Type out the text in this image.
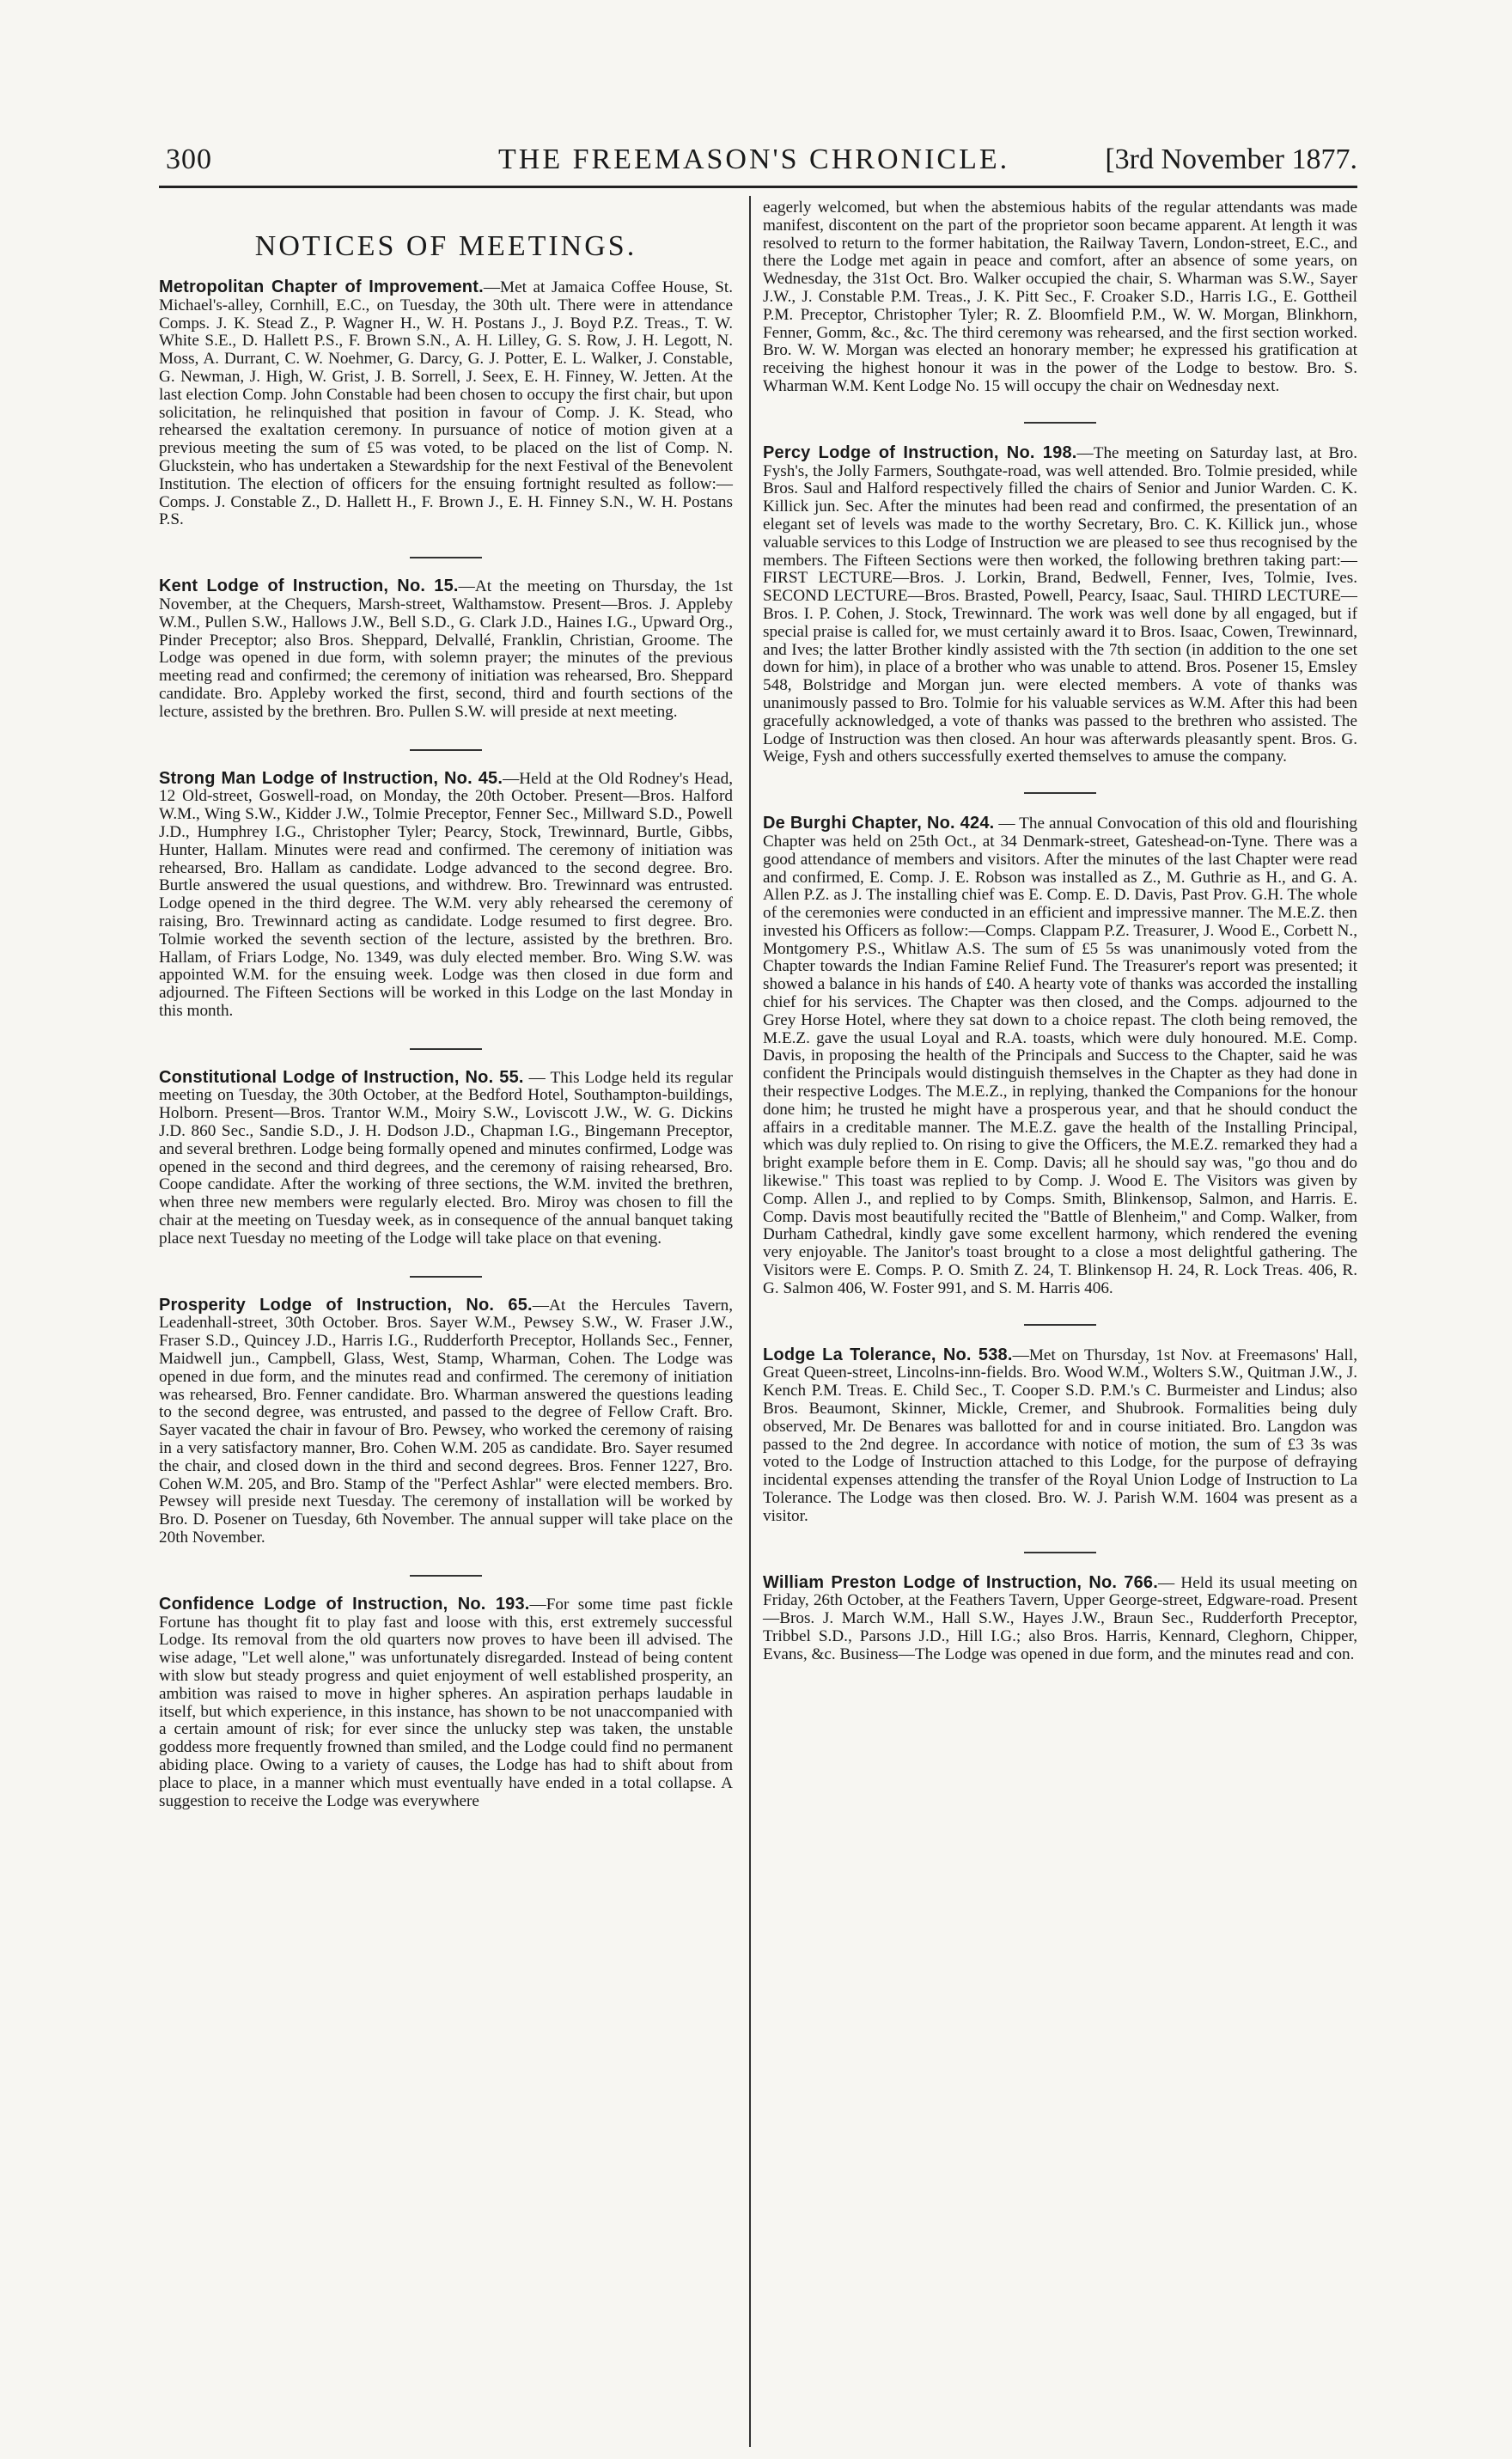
300	THE FREEMASON'S CHRONICLE.	[3rd November 1877.
NOTICES OF MEETINGS.

Metropolitan Chapter of Improvement.—Met at Jamaica Coffee House, St. Michael's-alley, Cornhill, E.C., on Tuesday, the 30th ult. There were in attendance Comps. J. K. Stead Z., P. Wagner H., W. H. Postans J., J. Boyd P.Z. Treas., T. W. White S.E., D. Hallett P.S., F. Brown S.N., A. H. Lilley, G. S. Row, J. H. Legott, N. Moss, A. Durrant, C. W. Noehmer, G. Darcy, G. J. Potter, E. L. Walker, J. Constable, G. Newman, J. High, W. Grist, J. B. Sorrell, J. Seex, E. H. Finney, W. Jetten. At the last election Comp. John Constable had been chosen to occupy the first chair, but upon solicitation, he relinquished that position in favour of Comp. J. K. Stead, who rehearsed the exaltation ceremony. In pursuance of notice of motion given at a previous meeting the sum of £5 was voted, to be placed on the list of Comp. N. Gluckstein, who has undertaken a Stewardship for the next Festival of the Benevolent Institution. The election of officers for the ensuing fortnight resulted as follow:—Comps. J. Constable Z., D. Hallett H., F. Brown J., E. H. Finney S.N., W. H. Postans P.S.

Kent Lodge of Instruction, No. 15.—At the meeting on Thursday, the 1st November, at the Chequers, Marsh-street, Walthamstow. Present—Bros. J. Appleby W.M., Pullen S.W., Hallows J.W., Bell S.D., G. Clark J.D., Haines I.G., Upward Org., Pinder Preceptor; also Bros. Sheppard, Delvallé, Franklin, Christian, Groome. The Lodge was opened in due form, with solemn prayer; the minutes of the previous meeting read and confirmed; the ceremony of initiation was rehearsed, Bro. Sheppard candidate. Bro. Appleby worked the first, second, third and fourth sections of the lecture, assisted by the brethren. Bro. Pullen S.W. will preside at next meeting.

Strong Man Lodge of Instruction, No. 45.—Held at the Old Rodney's Head, 12 Old-street, Goswell-road, on Monday, the 20th October. Present—Bros. Halford W.M., Wing S.W., Kidder J.W., Tolmie Preceptor, Fenner Sec., Millward S.D., Powell J.D., Humphrey I.G., Christopher Tyler; Pearcy, Stock, Trewinnard, Burtle, Gibbs, Hunter, Hallam. Minutes were read and confirmed. The ceremony of initiation was rehearsed, Bro. Hallam as candidate. Lodge advanced to the second degree. Bro. Burtle answered the usual questions, and withdrew. Bro. Trewinnard was entrusted. Lodge opened in the third degree. The W.M. very ably rehearsed the ceremony of raising, Bro. Trewinnard acting as candidate. Lodge resumed to first degree. Bro. Tolmie worked the seventh section of the lecture, assisted by the brethren. Bro. Hallam, of Friars Lodge, No. 1349, was duly elected member. Bro. Wing S.W. was appointed W.M. for the ensuing week. Lodge was then closed in due form and adjourned. The Fifteen Sections will be worked in this Lodge on the last Monday in this month.

Constitutional Lodge of Instruction, No. 55. — This Lodge held its regular meeting on Tuesday, the 30th October, at the Bedford Hotel, Southampton-buildings, Holborn. Present—Bros. Trantor W.M., Moiry S.W., Loviscott J.W., W. G. Dickins J.D. 860 Sec., Sandie S.D., J. H. Dodson J.D., Chapman I.G., Bingemann Preceptor, and several brethren. Lodge being formally opened and minutes confirmed, Lodge was opened in the second and third degrees, and the ceremony of raising rehearsed, Bro. Coope candidate. After the working of three sections, the W.M. invited the brethren, when three new members were regularly elected. Bro. Miroy was chosen to fill the chair at the meeting on Tuesday week, as in consequence of the annual banquet taking place next Tuesday no meeting of the Lodge will take place on that evening.

Prosperity Lodge of Instruction, No. 65.—At the Hercules Tavern, Leadenhall-street, 30th October. Bros. Sayer W.M., Pewsey S.W., W. Fraser J.W., Fraser S.D., Quincey J.D., Harris I.G., Rudderforth Preceptor, Hollands Sec., Fenner, Maidwell jun., Campbell, Glass, West, Stamp, Wharman, Cohen. The Lodge was opened in due form, and the minutes read and confirmed. The ceremony of initiation was rehearsed, Bro. Fenner candidate. Bro. Wharman answered the questions leading to the second degree, was entrusted, and passed to the degree of Fellow Craft. Bro. Sayer vacated the chair in favour of Bro. Pewsey, who worked the ceremony of raising in a very satisfactory manner, Bro. Cohen W.M. 205 as candidate. Bro. Sayer resumed the chair, and closed down in the third and second degrees. Bros. Fenner 1227, Bro. Cohen W.M. 205, and Bro. Stamp of the "Perfect Ashlar" were elected members. Bro. Pewsey will preside next Tuesday. The ceremony of installation will be worked by Bro. D. Posener on Tuesday, 6th November. The annual supper will take place on the 20th November.

Confidence Lodge of Instruction, No. 193.—For some time past fickle Fortune has thought fit to play fast and loose with this, erst extremely successful Lodge. Its removal from the old quarters now proves to have been ill advised. The wise adage, "Let well alone," was unfortunately disregarded. Instead of being content with slow but steady progress and quiet enjoyment of well established prosperity, an ambition was raised to move in higher spheres. An aspiration perhaps laudable in itself, but which experience, in this instance, has shown to be not unaccompanied with a certain amount of risk; for ever since the unlucky step was taken, the unstable goddess more frequently frowned than smiled, and the Lodge could find no permanent abiding place. Owing to a variety of causes, the Lodge has had to shift about from place to place, in a manner which must eventually have ended in a total collapse. A suggestion to receive the Lodge was everywhere

eagerly welcomed, but when the abstemious habits of the regular attendants was made manifest, discontent on the part of the proprietor soon became apparent. At length it was resolved to return to the former habitation, the Railway Tavern, London-street, E.C., and there the Lodge met again in peace and comfort, after an absence of some years, on Wednesday, the 31st Oct. Bro. Walker occupied the chair, S. Wharman was S.W., Sayer J.W., J. Constable P.M. Treas., J. K. Pitt Sec., F. Croaker S.D., Harris I.G., E. Gottheil P.M. Preceptor, Christopher Tyler; R. Z. Bloomfield P.M., W. W. Morgan, Blinkhorn, Fenner, Gomm, &c., &c. The third ceremony was rehearsed, and the first section worked. Bro. W. W. Morgan was elected an honorary member; he expressed his gratification at receiving the highest honour it was in the power of the Lodge to bestow. Bro. S. Wharman W.M. Kent Lodge No. 15 will occupy the chair on Wednesday next.

Percy Lodge of Instruction, No. 198.—The meeting on Saturday last, at Bro. Fysh's, the Jolly Farmers, Southgate-road, was well attended. Bro. Tolmie presided, while Bros. Saul and Halford respectively filled the chairs of Senior and Junior Warden. C. K. Killick jun. Sec. After the minutes had been read and confirmed, the presentation of an elegant set of levels was made to the worthy Secretary, Bro. C. K. Killick jun., whose valuable services to this Lodge of Instruction we are pleased to see thus recognised by the members. The Fifteen Sections were then worked, the following brethren taking part:—FIRST LECTURE—Bros. J. Lorkin, Brand, Bedwell, Fenner, Ives, Tolmie, Ives. SECOND LECTURE—Bros. Brasted, Powell, Pearcy, Isaac, Saul. THIRD LECTURE—Bros. I. P. Cohen, J. Stock, Trewinnard. The work was well done by all engaged, but if special praise is called for, we must certainly award it to Bros. Isaac, Cowen, Trewinnard, and Ives; the latter Brother kindly assisted with the 7th section (in addition to the one set down for him), in place of a brother who was unable to attend. Bros. Posener 15, Emsley 548, Bolstridge and Morgan jun. were elected members. A vote of thanks was unanimously passed to Bro. Tolmie for his valuable services as W.M. After this had been gracefully acknowledged, a vote of thanks was passed to the brethren who assisted. The Lodge of Instruction was then closed. An hour was afterwards pleasantly spent. Bros. G. Weige, Fysh and others successfully exerted themselves to amuse the company.

De Burghi Chapter, No. 424. — The annual Convocation of this old and flourishing Chapter was held on 25th Oct., at 34 Denmark-street, Gateshead-on-Tyne. There was a good attendance of members and visitors. After the minutes of the last Chapter were read and confirmed, E. Comp. J. E. Robson was installed as Z., M. Guthrie as H., and G. A. Allen P.Z. as J. The installing chief was E. Comp. E. D. Davis, Past Prov. G.H. The whole of the ceremonies were conducted in an efficient and impressive manner. The M.E.Z. then invested his Officers as follow:—Comps. Clappam P.Z. Treasurer, J. Wood E., Corbett N., Montgomery P.S., Whitlaw A.S. The sum of £5 5s was unanimously voted from the Chapter towards the Indian Famine Relief Fund. The Treasurer's report was presented; it showed a balance in his hands of £40. A hearty vote of thanks was accorded the installing chief for his services. The Chapter was then closed, and the Comps. adjourned to the Grey Horse Hotel, where they sat down to a choice repast. The cloth being removed, the M.E.Z. gave the usual Loyal and R.A. toasts, which were duly honoured. M.E. Comp. Davis, in proposing the health of the Principals and Success to the Chapter, said he was confident the Principals would distinguish themselves in the Chapter as they had done in their respective Lodges. The M.E.Z., in replying, thanked the Companions for the honour done him; he trusted he might have a prosperous year, and that he should conduct the affairs in a creditable manner. The M.E.Z. gave the health of the Installing Principal, which was duly replied to. On rising to give the Officers, the M.E.Z. remarked they had a bright example before them in E. Comp. Davis; all he should say was, "go thou and do likewise." This toast was replied to by Comp. J. Wood E. The Visitors was given by Comp. Allen J., and replied to by Comps. Smith, Blinkensop, Salmon, and Harris. E. Comp. Davis most beautifully recited the "Battle of Blenheim," and Comp. Walker, from Durham Cathedral, kindly gave some excellent harmony, which rendered the evening very enjoyable. The Janitor's toast brought to a close a most delightful gathering. The Visitors were E. Comps. P. O. Smith Z. 24, T. Blinkensop H. 24, R. Lock Treas. 406, R. G. Salmon 406, W. Foster 991, and S. M. Harris 406.

Lodge La Tolerance, No. 538.—Met on Thursday, 1st Nov. at Freemasons' Hall, Great Queen-street, Lincolns-inn-fields. Bro. Wood W.M., Wolters S.W., Quitman J.W., J. Kench P.M. Treas. E. Child Sec., T. Cooper S.D. P.M.'s C. Burmeister and Lindus; also Bros. Beaumont, Skinner, Mickle, Cremer, and Shubrook. Formalities being duly observed, Mr. De Benares was ballotted for and in course initiated. Bro. Langdon was passed to the 2nd degree. In accordance with notice of motion, the sum of £3 3s was voted to the Lodge of Instruction attached to this Lodge, for the purpose of defraying incidental expenses attending the transfer of the Royal Union Lodge of Instruction to La Tolerance. The Lodge was then closed. Bro. W. J. Parish W.M. 1604 was present as a visitor.

William Preston Lodge of Instruction, No. 766.— Held its usual meeting on Friday, 26th October, at the Feathers Tavern, Upper George-street, Edgware-road. Present—Bros. J. March W.M., Hall S.W., Hayes J.W., Braun Sec., Rudderforth Preceptor, Tribbel S.D., Parsons J.D., Hill I.G.; also Bros. Harris, Kennard, Cleghorn, Chipper, Evans, &c. Business—The Lodge was opened in due form, and the minutes read and con.
